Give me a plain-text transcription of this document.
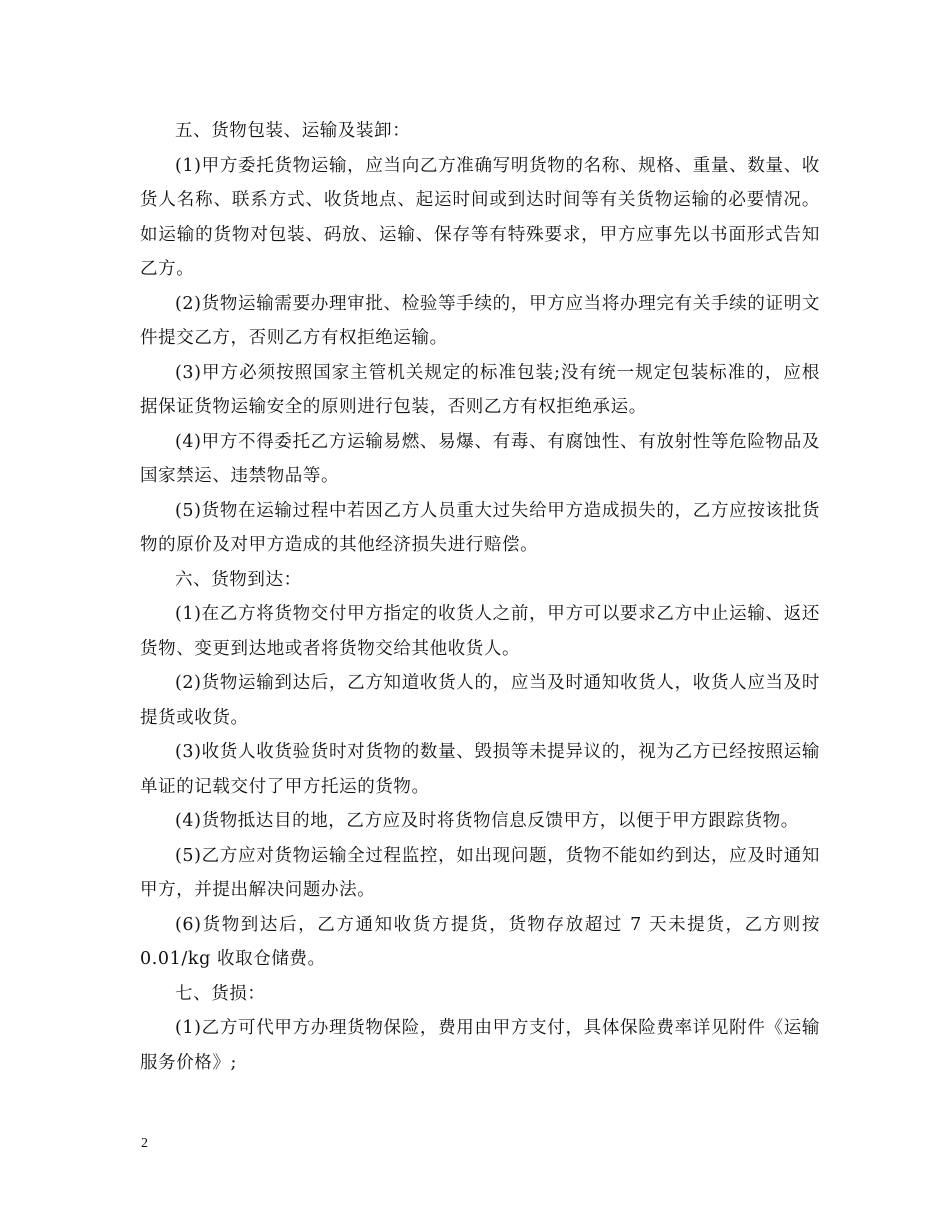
五、货物包装、运输及装卸：

(1)甲方委托货物运输，应当向乙方准确写明货物的名称、规格、重量、数量、收货人名称、联系方式、收货地点、起运时间或到达时间等有关货物运输的必要情况。如运输的货物对包装、码放、运输、保存等有特殊要求，甲方应事先以书面形式告知乙方。

(2)货物运输需要办理审批、检验等手续的，甲方应当将办理完有关手续的证明文件提交乙方，否则乙方有权拒绝运输。

(3)甲方必须按照国家主管机关规定的标准包装;没有统一规定包装标准的，应根据保证货物运输安全的原则进行包装，否则乙方有权拒绝承运。

(4)甲方不得委托乙方运输易燃、易爆、有毒、有腐蚀性、有放射性等危险物品及国家禁运、违禁物品等。

(5)货物在运输过程中若因乙方人员重大过失给甲方造成损失的，乙方应按该批货物的原价及对甲方造成的其他经济损失进行赔偿。

六、货物到达：

(1)在乙方将货物交付甲方指定的收货人之前，甲方可以要求乙方中止运输、返还货物、变更到达地或者将货物交给其他收货人。

(2)货物运输到达后，乙方知道收货人的，应当及时通知收货人，收货人应当及时提货或收货。

(3)收货人收货验货时对货物的数量、毁损等未提异议的，视为乙方已经按照运输单证的记载交付了甲方托运的货物。

(4)货物抵达目的地，乙方应及时将货物信息反馈甲方，以便于甲方跟踪货物。

(5)乙方应对货物运输全过程监控，如出现问题，货物不能如约到达，应及时通知甲方，并提出解决问题办法。

(6)货物到达后，乙方通知收货方提货，货物存放超过 7 天未提货，乙方则按 0.01/kg 收取仓储费。

七、货损：

(1)乙方可代甲方办理货物保险，费用由甲方支付，具体保险费率详见附件《运输服务价格》;

2
